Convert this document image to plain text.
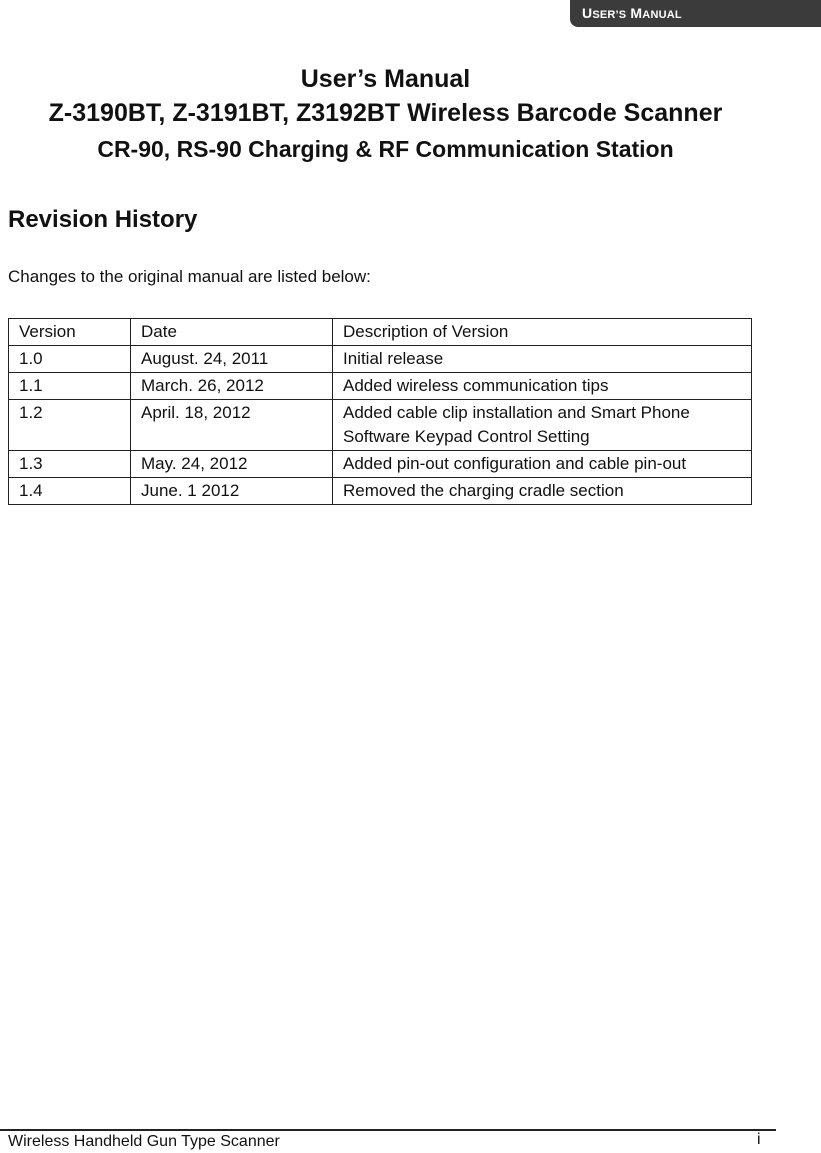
USER’S MANUAL
User’s Manual
Z-3190BT, Z-3191BT, Z3192BT Wireless Barcode Scanner
CR-90, RS-90 Charging & RF Communication Station
Revision History

Changes to the original manual are listed below:

Version	Date	Description of Version
1.0	August. 24, 2011	Initial release
1.1	March. 26, 2012	Added wireless communication tips
1.2	April. 18, 2012	Added cable clip installation and Smart Phone
Software Keypad Control Setting

1.3	May. 24, 2012	Added pin-out configuration and cable pin-out
1.4	June. 1 2012	Removed the charging cradle section
Wireless Handheld Gun Type Scanner	i
